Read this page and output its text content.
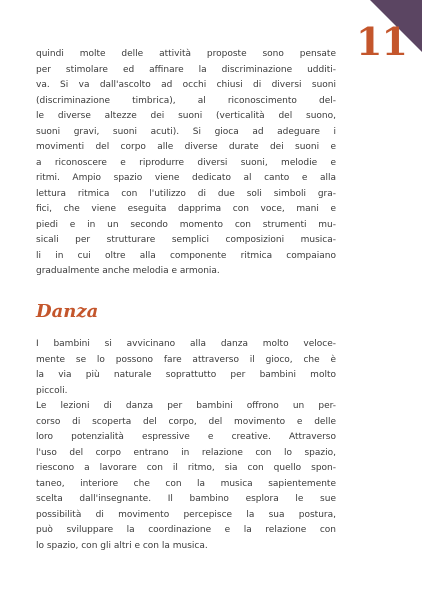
11
quindi molte delle attività proposte sono pensate
per stimolare ed affinare la discriminazione udditi-
va. Si va dall'ascolto ad occhi chiusi di diversi suoni
(discriminazione timbrica), al riconoscimento del-
le diverse altezze dei suoni (verticalità del suono,
suoni gravi, suoni acuti). Si gioca ad adeguare i
movimenti del corpo alle diverse durate dei suoni e
a riconoscere e riprodurre diversi suoni, melodie e
ritmi. Ampio spazio viene dedicato al canto e alla
lettura ritmica con l'utilizzo di due soli simboli gra-
fici, che viene eseguita dapprima con voce, mani e
piedi e in un secondo momento con strumenti mu-
sicali per strutturare semplici composizioni musica-
li in cui oltre alla componente ritmica compaiano
gradualmente anche melodia e armonia.
Danza
I bambini si avvicinano alla danza molto veloce-
mente se lo possono fare attraverso il gioco, che è
la via più naturale soprattutto per bambini molto
piccoli.
Le lezioni di danza per bambini offrono un per-
corso di scoperta del corpo, del movimento e delle
loro potenzialità espressive e creative. Attraverso
l'uso del corpo entrano in relazione con lo spazio,
riescono a lavorare con il ritmo, sia con quello spon-
taneo, interiore che con la musica sapientemente
scelta dall'insegnante. Il bambino esplora le sue
possibilità di movimento percepisce la sua postura,
può sviluppare la coordinazione e la relazione con
lo spazio, con gli altri e con la musica.
